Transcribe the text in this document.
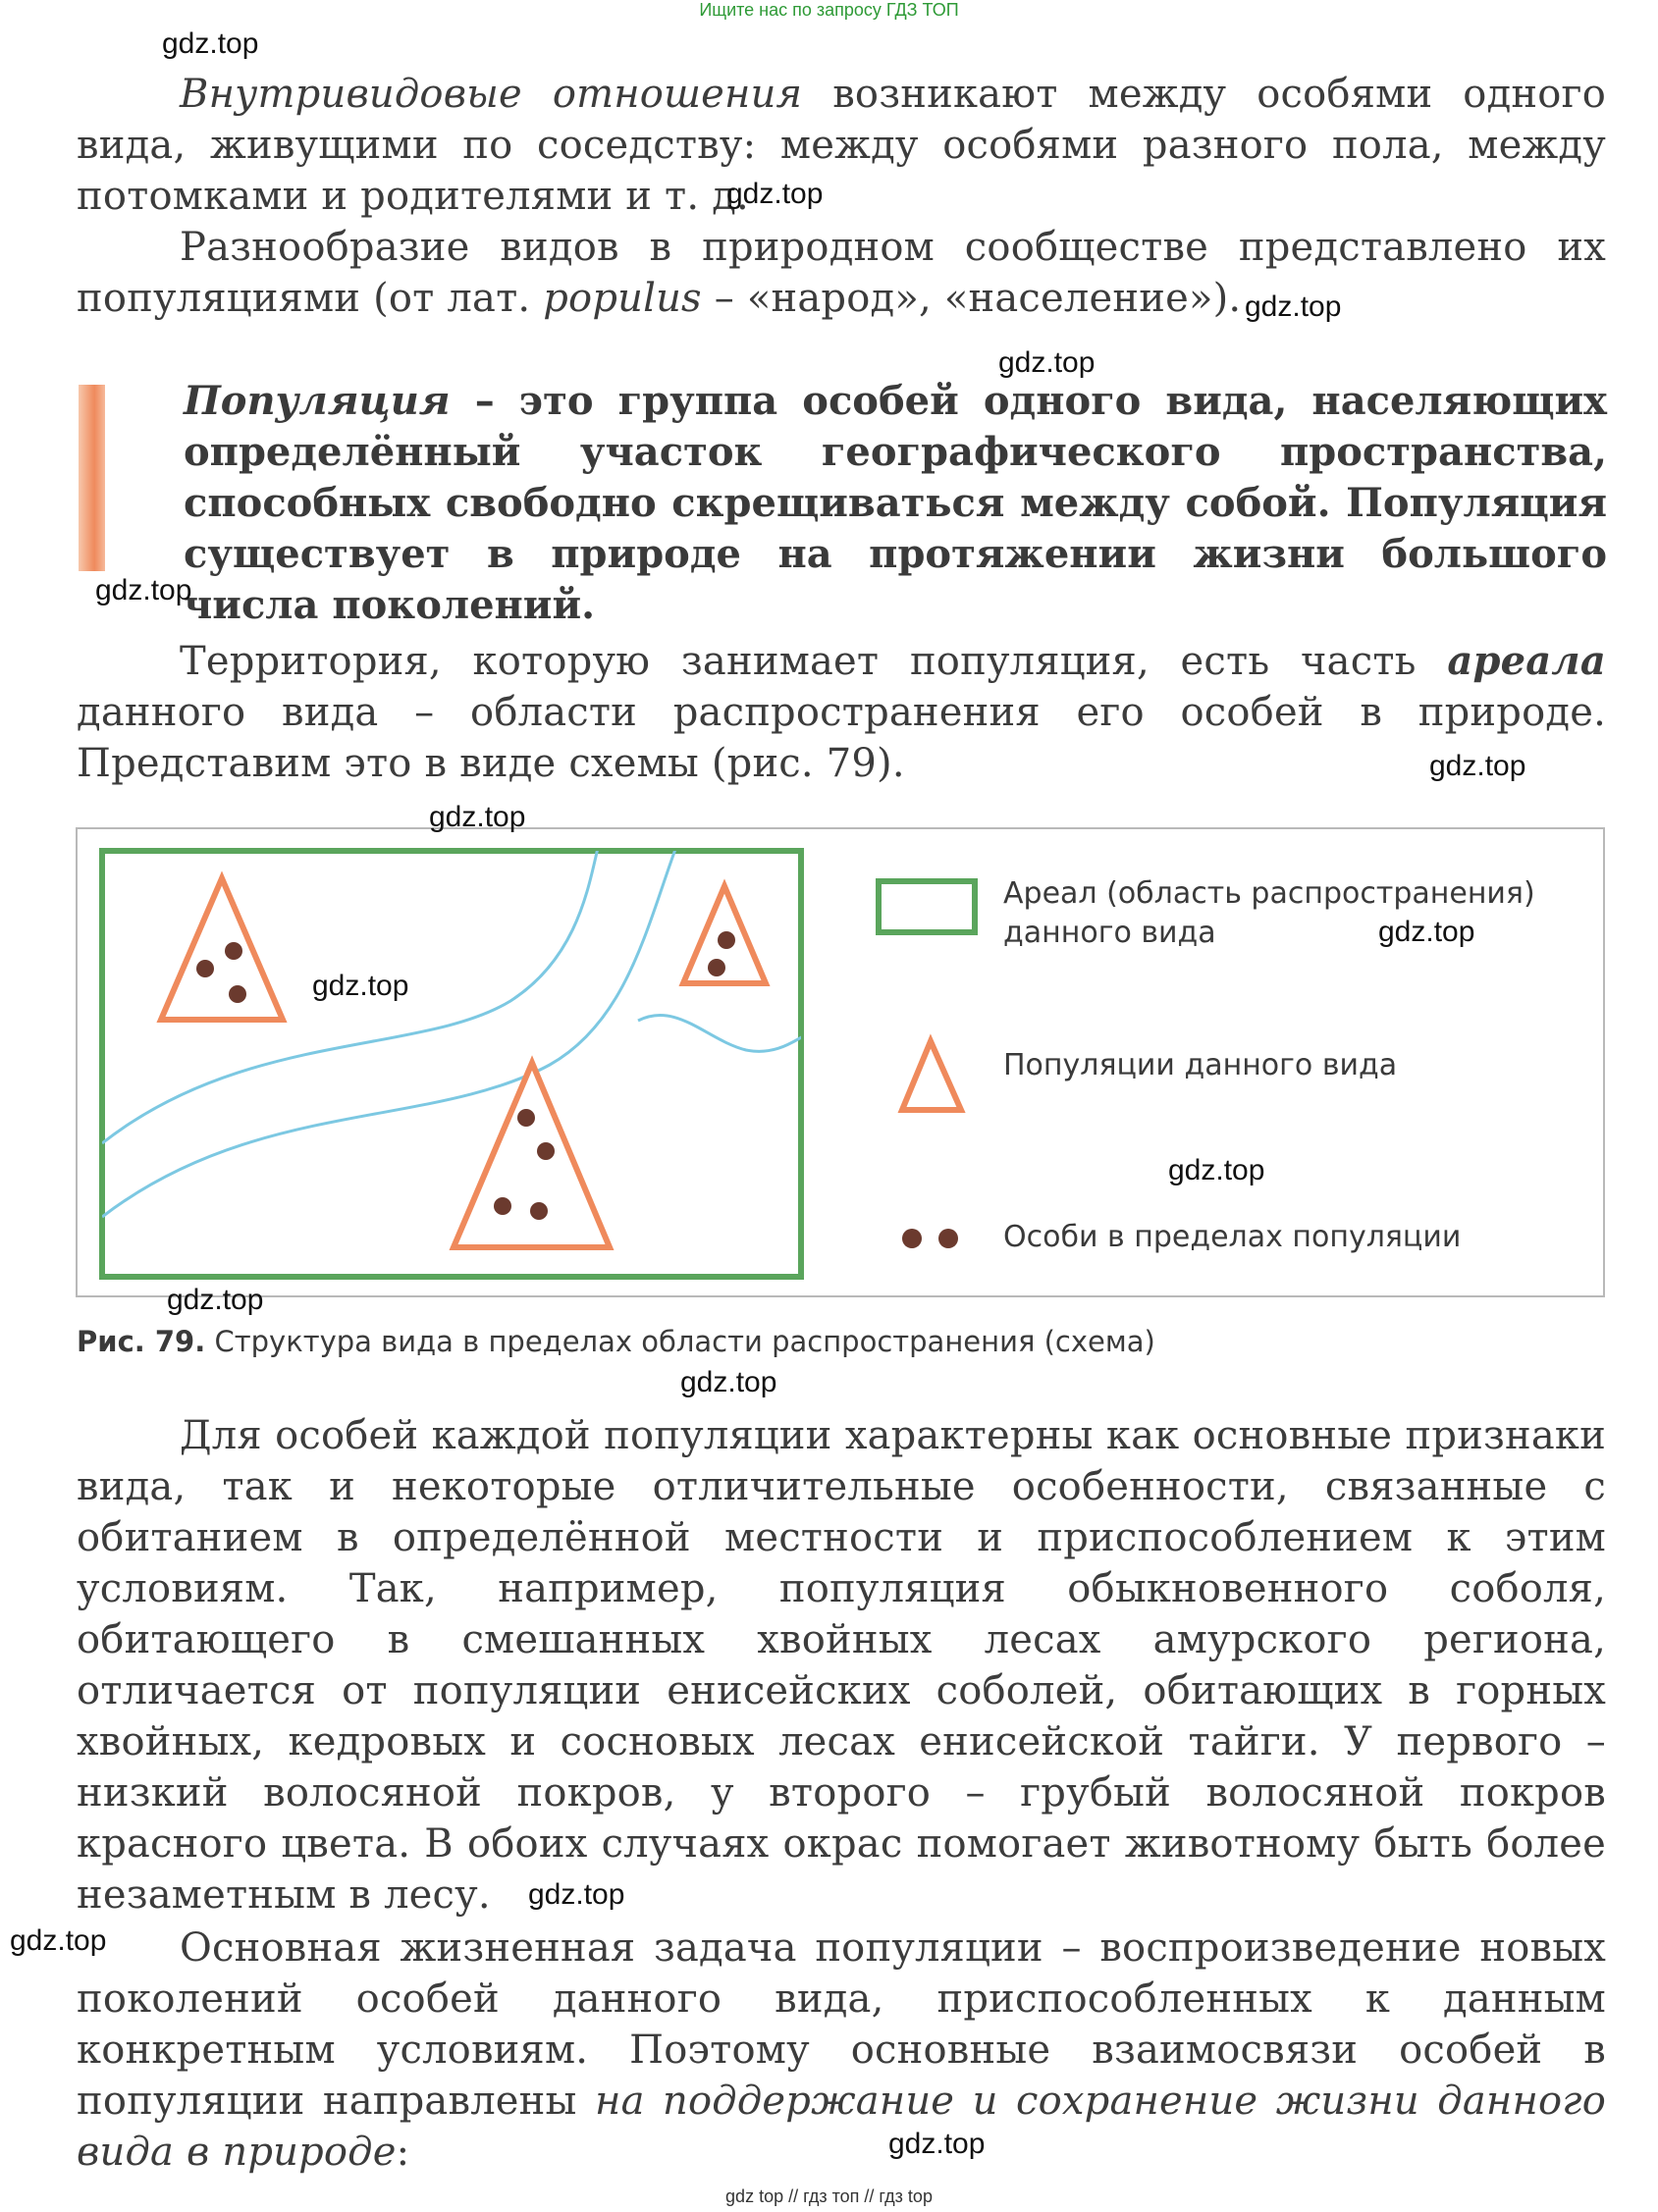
Ищите нас по запросу ГДЗ ТОП

Внутривидовые отношения возникают между особями одного вида, живущими по соседству: между особями разного пола, между потомками и родителями и т. д.

Разнообразие видов в природном сообществе представлено их популяциями (от лат. populus – «народ», «население»).

Популяция – это группа особей одного вида, населяющих определённый участок географического пространства, способных свободно скрещиваться между собой. Популяция существует в природе на протяжении жизни большого числа поколений.

Территория, которую занимает популяция, есть часть ареала данного вида – области распространения его особей в природе. Представим это в виде схемы (рис. 79).

Ареал (область распространения)
данного вида
Популяции данного вида
Особи в пределах популяции
Рис. 79. Структура вида в пределах области распространения (схема)

Для особей каждой популяции характерны как основные признаки вида, так и некоторые отличительные особенности, связанные с обитанием в определённой местности и приспособлением к этим условиям. Так, например, популяция обыкновенного соболя, обитающего в смешанных хвойных лесах амурского региона, отличается от популяции енисейских соболей, обитающих в горных хвойных, кедровых и сосновых лесах енисейской тайги. У первого – низкий волосяной покров, у второго – грубый волосяной покров красного цвета. В обоих случаях окрас помогает животному быть более незаметным в лесу.

Основная жизненная задача популяции – воспроизведение новых поколений особей данного вида, приспособленных к данным конкретным условиям. Поэтому основные взаимосвязи особей в популяции направлены на поддержание и сохранение жизни данного вида в природе:

gdz.top
gdz.top
gdz.top
gdz.top
gdz.top
gdz.top
gdz.top
gdz.top
gdz.top
gdz.top
gdz.top
gdz.top
gdz.top
gdz.top
gdz.top
gdz top // гдз топ // гдз top
